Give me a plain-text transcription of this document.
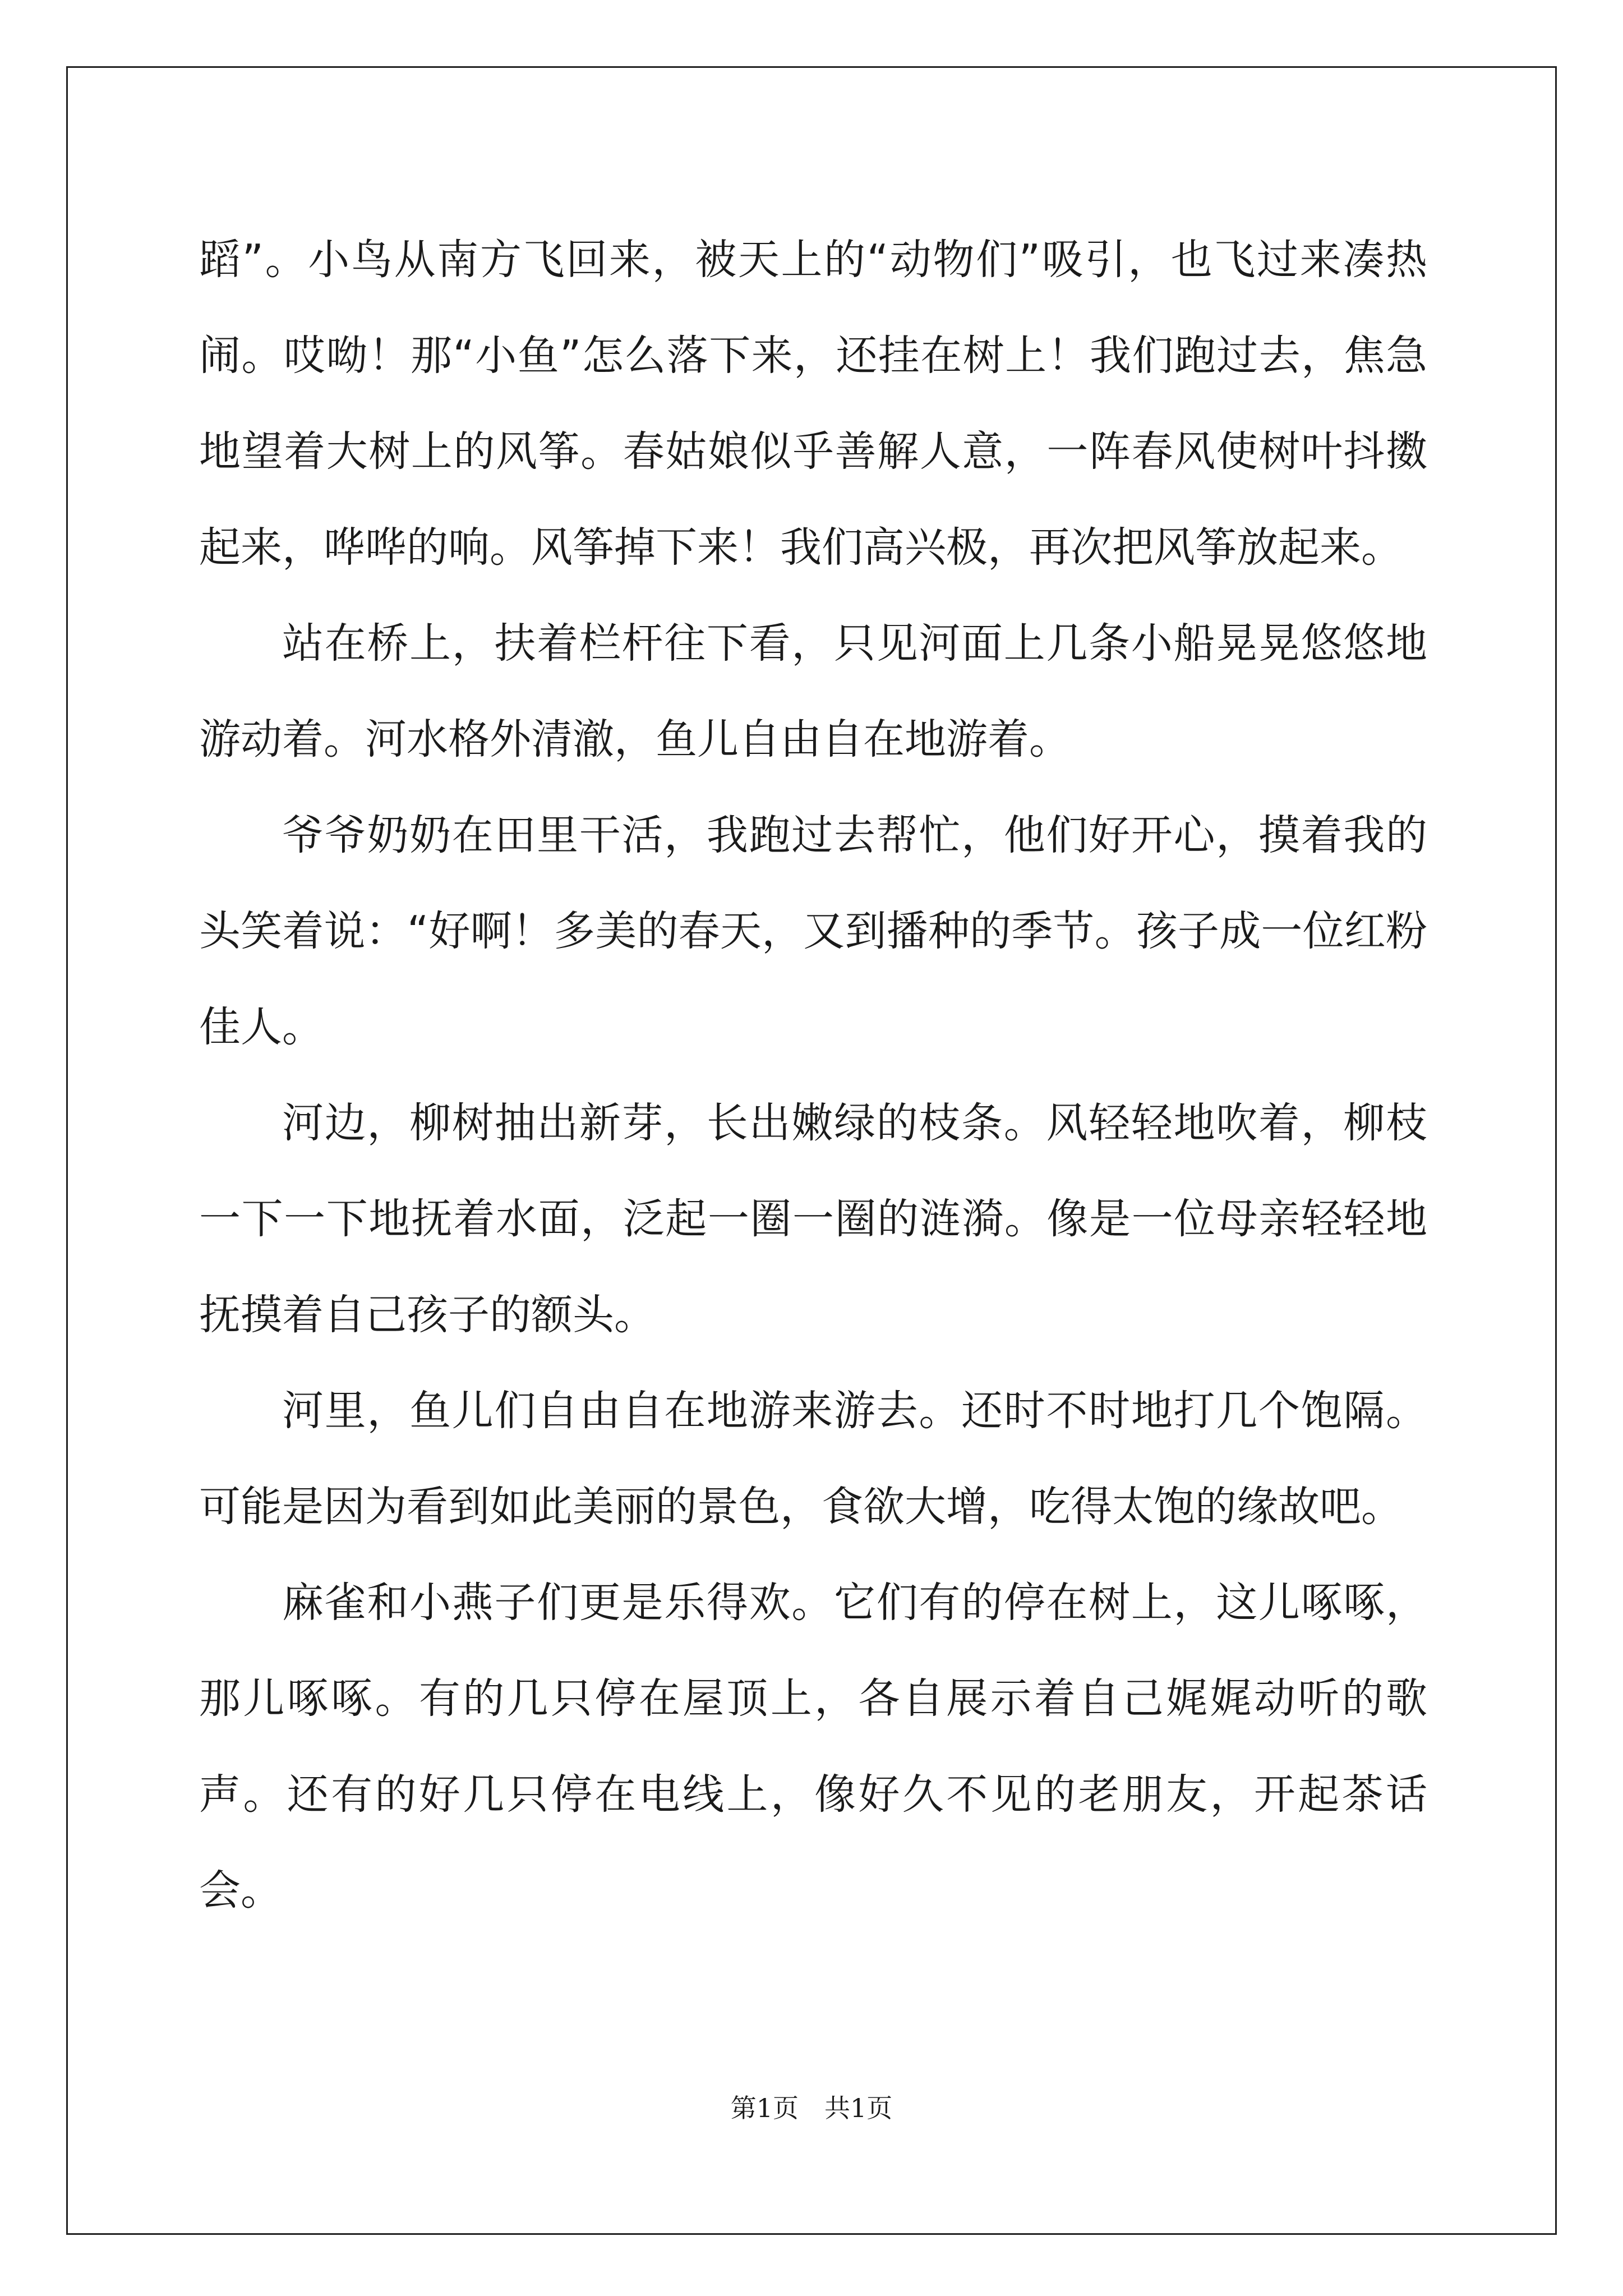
蹈”。小鸟从南方飞回来，被天上的“动物们”吸引，也飞过来凑热闹。哎呦！那“小鱼”怎么落下来，还挂在树上！我们跑过去，焦急地望着大树上的风筝。春姑娘似乎善解人意，一阵春风使树叶抖擞起来，哗哗的响。风筝掉下来！我们高兴极，再次把风筝放起来。

站在桥上，扶着栏杆往下看，只见河面上几条小船晃晃悠悠地游动着。河水格外清澈，鱼儿自由自在地游着。

爷爷奶奶在田里干活，我跑过去帮忙，他们好开心，摸着我的头笑着说：“好啊！多美的春天，又到播种的季节。孩子成一位红粉佳人。

河边，柳树抽出新芽，长出嫩绿的枝条。风轻轻地吹着，柳枝一下一下地抚着水面，泛起一圈一圈的涟漪。像是一位母亲轻轻地抚摸着自己孩子的额头。

河里，鱼儿们自由自在地游来游去。还时不时地打几个饱隔。可能是因为看到如此美丽的景色，食欲大增，吃得太饱的缘故吧。

麻雀和小燕子们更是乐得欢。它们有的停在树上，这儿啄啄，那儿啄啄。有的几只停在屋顶上，各自展示着自己娓娓动听的歌声。还有的好几只停在电线上，像好久不见的老朋友，开起茶话会。

第1页　共1页
